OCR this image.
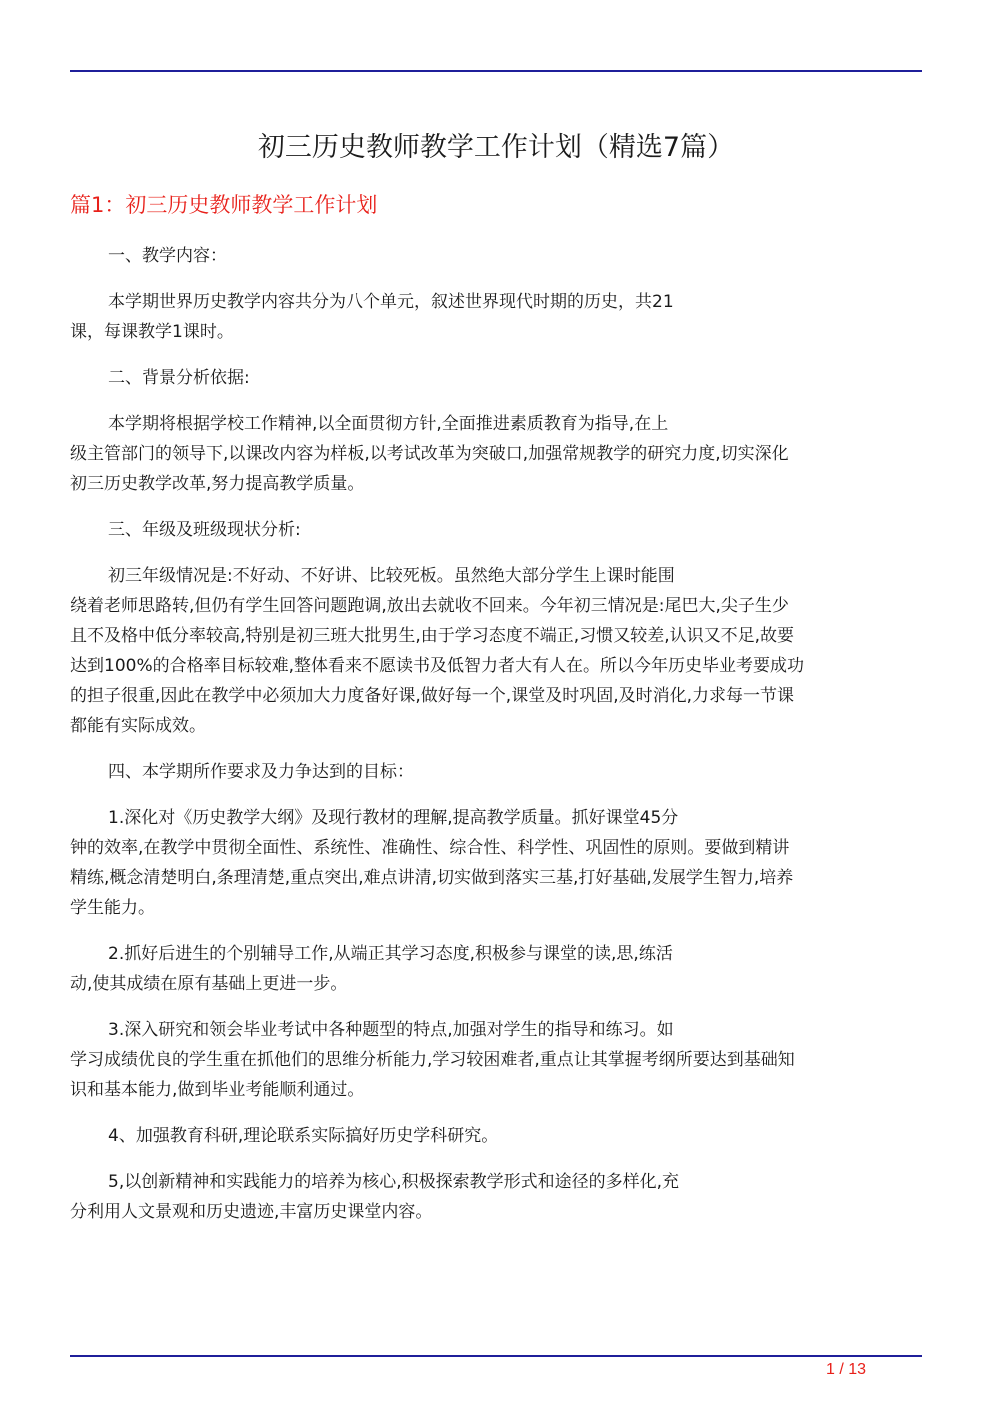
初三历史教师教学工作计划（精选7篇）
篇1：初三历史教师教学工作计划

一、教学内容：

本学期世界历史教学内容共分为八个单元，叙述世界现代时期的历史，共21
课，每课教学1课时。

二、背景分析依据:

本学期将根据学校工作精神,以全面贯彻方针,全面推进素质教育为指导,在上
级主管部门的领导下,以课改内容为样板,以考试改革为突破口,加强常规教学的研究力度,切实深化
初三历史教学改革,努力提高教学质量。

三、年级及班级现状分析:

初三年级情况是:不好动、不好讲、比较死板。虽然绝大部分学生上课时能围
绕着老师思路转,但仍有学生回答问题跑调,放出去就收不回来。今年初三情况是:尾巴大,尖子生少
且不及格中低分率较高,特别是初三班大批男生,由于学习态度不端正,习惯又较差,认识又不足,故要
达到100%的合格率目标较难,整体看来不愿读书及低智力者大有人在。所以今年历史毕业考要成功
的担子很重,因此在教学中必须加大力度备好课,做好每一个,课堂及时巩固,及时消化,力求每一节课
都能有实际成效。

四、本学期所作要求及力争达到的目标：

1.深化对《历史教学大纲》及现行教材的理解,提高教学质量。抓好课堂45分
钟的效率,在教学中贯彻全面性、系统性、准确性、综合性、科学性、巩固性的原则。要做到精讲
精练,概念清楚明白,条理清楚,重点突出,难点讲清,切实做到落实三基,打好基础,发展学生智力,培养
学生能力。

2.抓好后进生的个别辅导工作,从端正其学习态度,积极参与课堂的读,思,练活
动,使其成绩在原有基础上更进一步。

3.深入研究和领会毕业考试中各种题型的特点,加强对学生的指导和练习。如
学习成绩优良的学生重在抓他们的思维分析能力,学习较困难者,重点让其掌握考纲所要达到基础知
识和基本能力,做到毕业考能顺利通过。

4、加强教育科研,理论联系实际搞好历史学科研究。

5,以创新精神和实践能力的培养为核心,积极探索教学形式和途径的多样化,充
分利用人文景观和历史遗迹,丰富历史课堂内容。

1 / 13
